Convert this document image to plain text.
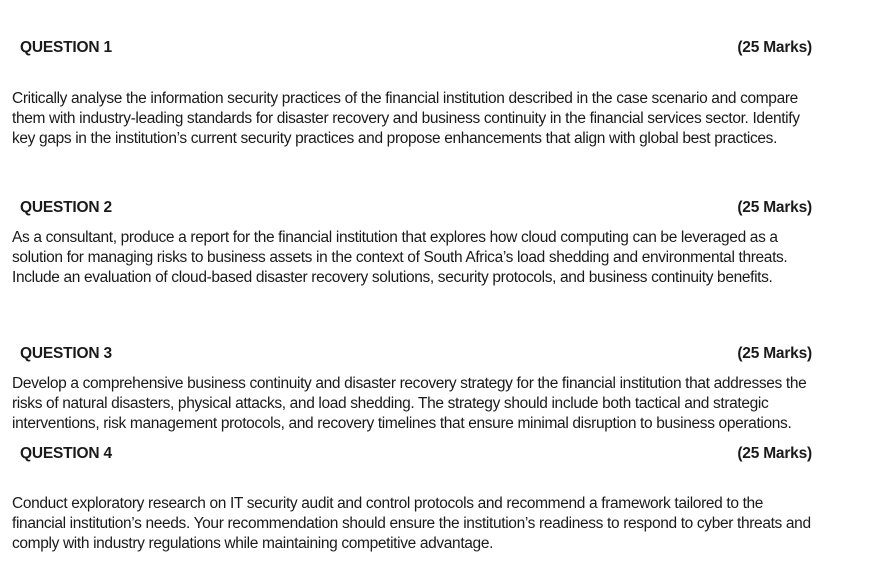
QUESTION 1	(25 Marks)
Critically analyse the information security practices of the financial institution described in the case scenario and compare
them with industry-leading standards for disaster recovery and business continuity in the financial services sector. Identify
key gaps in the institution’s current security practices and propose enhancements that align with global best practices.
QUESTION 2	(25 Marks)
As a consultant, produce a report for the financial institution that explores how cloud computing can be leveraged as a
solution for managing risks to business assets in the context of South Africa’s load shedding and environmental threats.
Include an evaluation of cloud-based disaster recovery solutions, security protocols, and business continuity benefits.
QUESTION 3	(25 Marks)
Develop a comprehensive business continuity and disaster recovery strategy for the financial institution that addresses the
risks of natural disasters, physical attacks, and load shedding. The strategy should include both tactical and strategic
interventions, risk management protocols, and recovery timelines that ensure minimal disruption to business operations.
QUESTION 4	(25 Marks)
Conduct exploratory research on IT security audit and control protocols and recommend a framework tailored to the
financial institution’s needs. Your recommendation should ensure the institution’s readiness to respond to cyber threats and
comply with industry regulations while maintaining competitive advantage.
